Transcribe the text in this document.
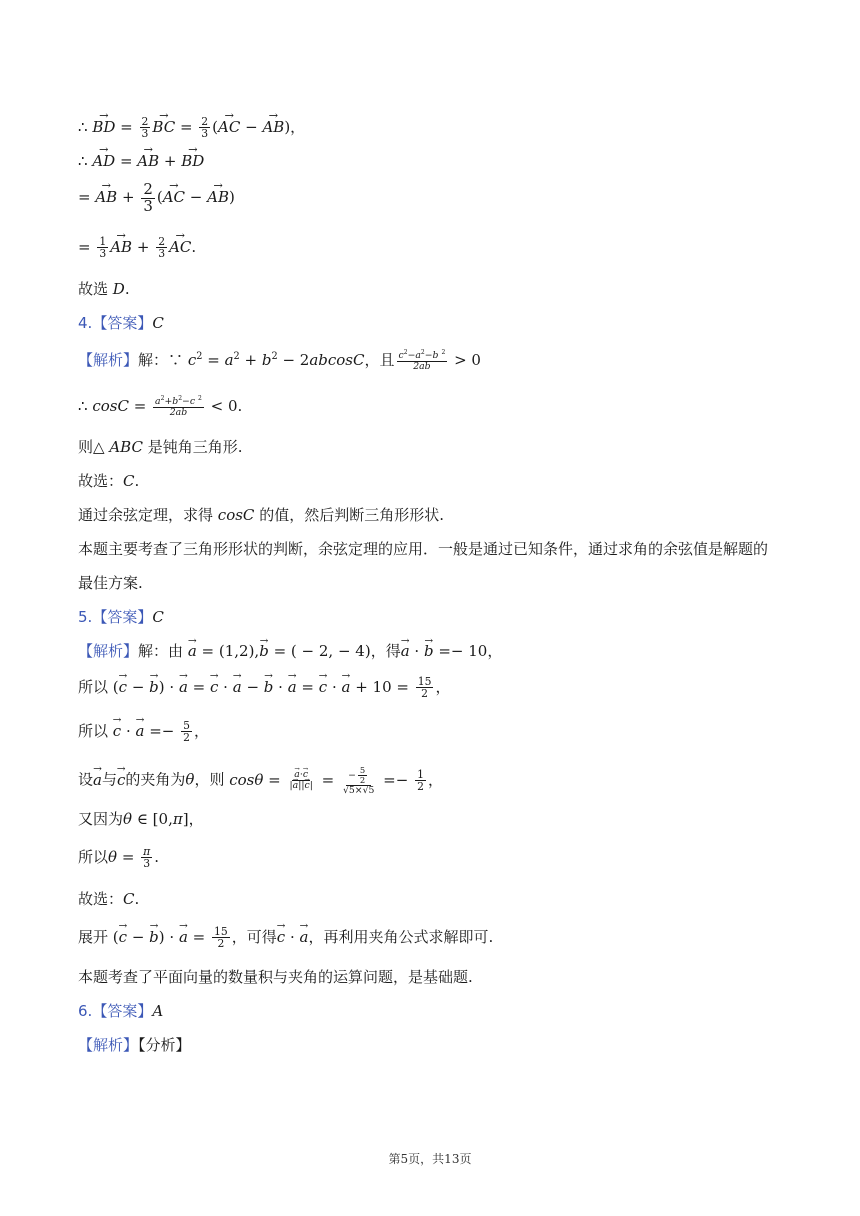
∴ → BD = $\frac{2}{3}$ → BC = $\frac{2}{3}$ (→ AC − → AB)，
∴ → AD = → AB + → BD
= → AB + $\frac{2}{3}$ (→ AC − → AB)
= $\frac{1}{3}$ → AB + $\frac{2}{3}$ → AC.
故选 D.
4.【答案】C
【解析】解：∵ $c^2 = a^2 + b^2 - 2abcosC$，且 $\frac{c^2-a^2-b ^2}{2ab} > 0$
∴ $\cos C = \frac{a^2+b^2-c ^2}{2ab} < 0$.
则△ ABC 是钝角三角形.
故选：C.
通过余弦定理，求得 cosC 的值，然后判断三角形形状.
本题主要考查了三角形形状的判断，余弦定理的应用．一般是通过已知条件，通过求角的余弦值是解题的
最佳方案.
5.【答案】C
【解析】解：由 → a = (1,2),→ b = ( − 2, − 4)，得→ a · → b =− 10，
所以 (→ c − → b) · → a = → c · → a − → b · → a = → c · → $a + 10 = \frac{15}{2}$ ，
所以 → c · → $a =- \frac{5}{2}$ ，
设→ a与→ c的夹角为θ，则 cosθ = → $\frac{a\cdot\to c}{|\to a||\to c|} = \frac{- \frac{5}{2}}{√5\times√5} =- \frac{1}{2}$ ，
又因为θ ∈ [0,π]，
所以$\theta = \frac{\pi}{3}$ .
故选：C.
展开 (→ c − → b) · → $a = \frac{15}{2}$ ，可得→ c · → a，再利用夹角公式求解即可.
本题考查了平面向量的数量积与夹角的运算问题，是基础题.
6.【答案】A
【解析】【分析】
第5页，共13页
